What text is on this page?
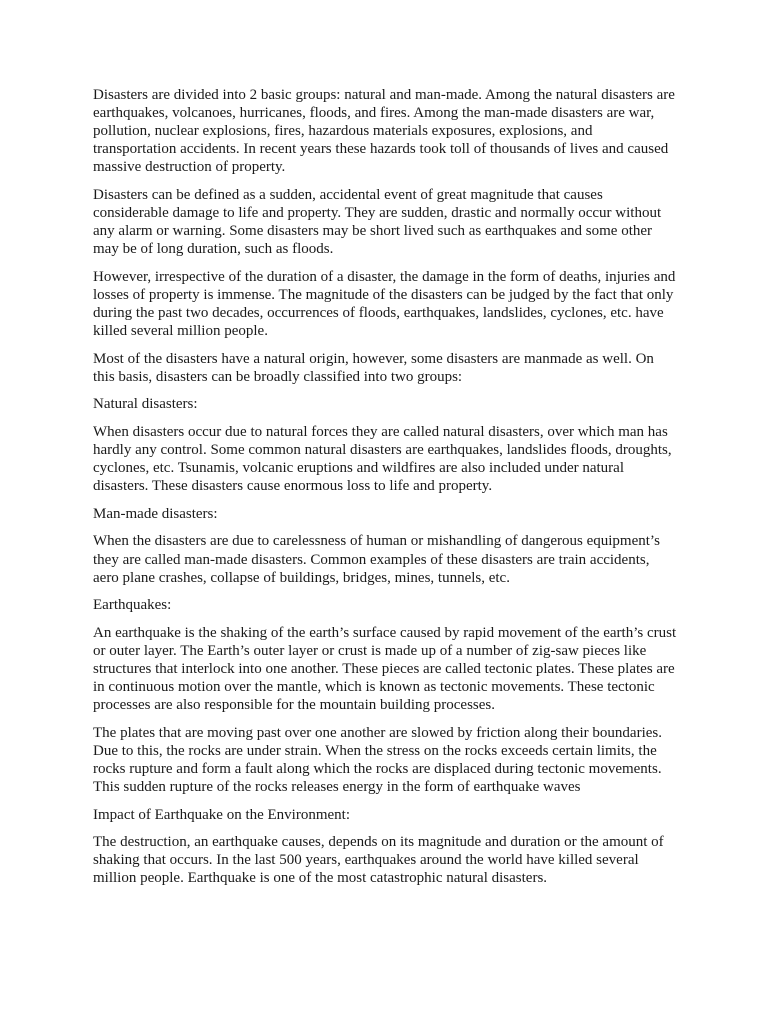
Disasters are divided into 2 basic groups: natural and man-made. Among the natural disasters are earthquakes, volcanoes, hurricanes, floods, and fires. Among the man-made disasters are war, pollution, nuclear explosions, fires, hazardous materials exposures, explosions, and transportation accidents. In recent years these hazards took toll of thousands of lives and caused massive destruction of property.

Disasters can be defined as a sudden, accidental event of great magnitude that causes considerable damage to life and property. They are sudden, drastic and normally occur without any alarm or warning. Some disasters may be short lived such as earthquakes and some other may be of long duration, such as floods.

However, irrespective of the duration of a disaster, the damage in the form of deaths, injuries and losses of property is immense. The magnitude of the disasters can be judged by the fact that only during the past two decades, occurrences of floods, earthquakes, landslides, cyclones, etc. have killed several million people.

Most of the disasters have a natural origin, however, some disasters are manmade as well. On this basis, disasters can be broadly classified into two groups:

Natural disasters:

When disasters occur due to natural forces they are called natural disasters, over which man has hardly any control. Some common natural disasters are earthquakes, landslides floods, droughts, cyclones, etc. Tsunamis, volcanic eruptions and wildfires are also included under natural disasters. These disasters cause enormous loss to life and property.

Man-made disasters:

When the disasters are due to carelessness of human or mishandling of dangerous equipment’s they are called man-made disasters. Common examples of these disasters are train accidents, aero plane crashes, collapse of buildings, bridges, mines, tunnels, etc.

Earthquakes:

An earthquake is the shaking of the earth’s surface caused by rapid movement of the earth’s crust or outer layer. The Earth’s outer layer or crust is made up of a number of zig-saw pieces like structures that interlock into one another. These pieces are called tectonic plates. These plates are in continuous motion over the mantle, which is known as tectonic movements. These tectonic processes are also responsible for the mountain building processes.

The plates that are moving past over one another are slowed by friction along their boundaries. Due to this, the rocks are under strain. When the stress on the rocks exceeds certain limits, the rocks rupture and form a fault along which the rocks are displaced during tectonic movements. This sudden rupture of the rocks releases energy in the form of earthquake waves

Impact of Earthquake on the Environment:

The destruction, an earthquake causes, depends on its magnitude and duration or the amount of shaking that occurs. In the last 500 years, earthquakes around the world have killed several million people. Earthquake is one of the most catastrophic natural disasters.
